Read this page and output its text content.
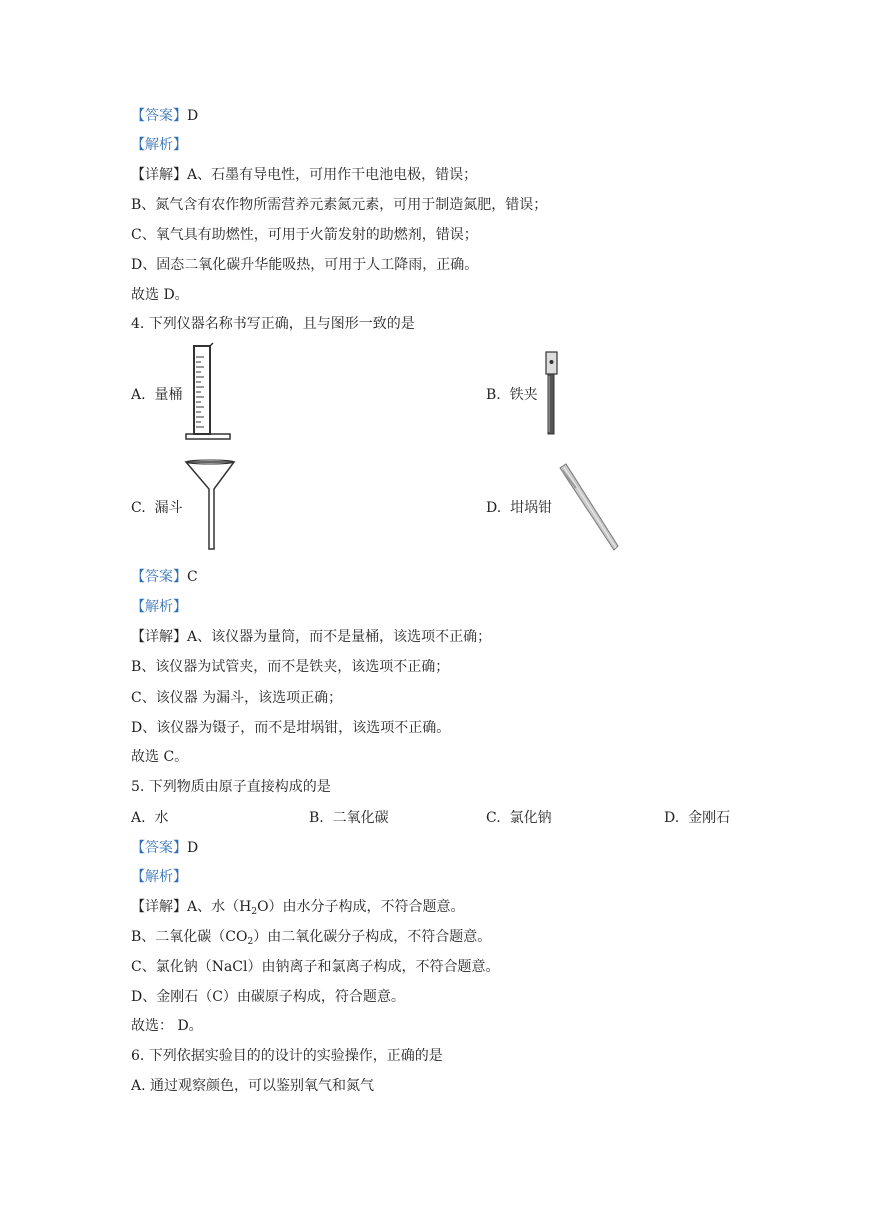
【答案】D
【解析】
【详解】A、石墨有导电性，可用作干电池电极，错误；
B、氮气含有农作物所需营养元素氮元素，可用于制造氮肥，错误；
C、氧气具有助燃性，可用于火箭发射的助燃剂，错误；
D、固态二氧化碳升华能吸热，可用于人工降雨，正确。
故选 D。
4. 下列仪器名称书写正确，且与图形一致的是
A. 量桶	B. 铁夹
C. 漏斗	D. 坩埚钳
【答案】C
【解析】
【详解】A、该仪器为量筒，而不是量桶，该选项不正确；
B、该仪器为试管夹，而不是铁夹，该选项不正确；
C、该仪器 为漏斗，该选项正确；
D、该仪器为镊子，而不是坩埚钳，该选项不正确。
故选 C。
5. 下列物质由原子直接构成的是
A. 水	B. 二氧化碳	C. 氯化钠	D. 金刚石
【答案】D
【解析】
【详解】A、水$(H_2O)$由水分子构成，不符合题意。
B、二氧化碳$(CO_2)$由二氧化碳分子构成，不符合题意。
C、氯化钠（NaCl）由钠离子和氯离子构成，不符合题意。
D、金刚石（C）由碳原子构成，符合题意。
故选： D。
6. 下列依据实验目的的设计的实验操作，正确的是
A. 通过观察颜色，可以鉴别氧气和氮气
